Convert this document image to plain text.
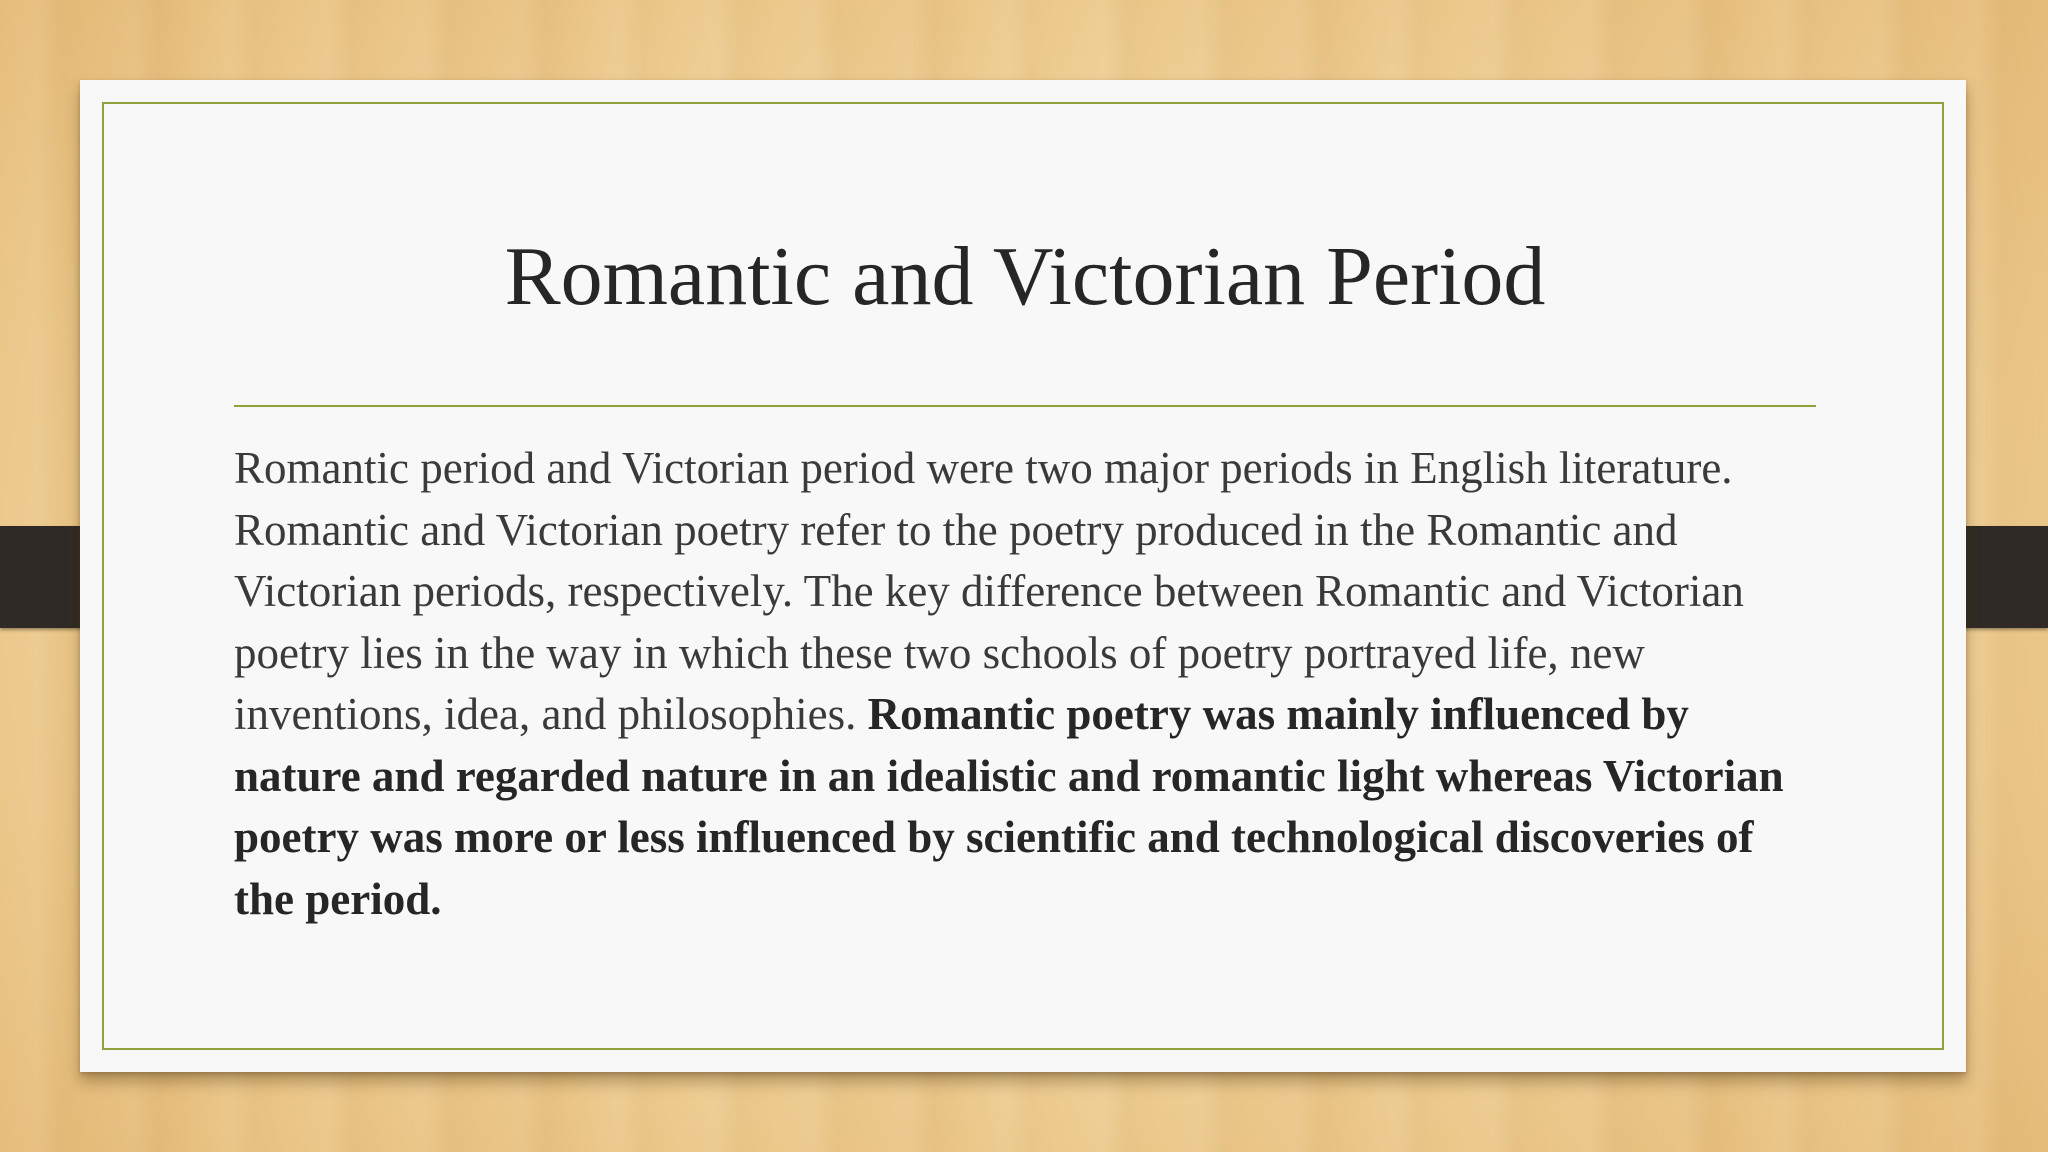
Romantic and Victorian Period

Romantic period and Victorian period were two major periods in English literature. Romantic and Victorian poetry refer to the poetry produced in the Romantic and Victorian periods, respectively. The key difference between Romantic and Victorian poetry lies in the way in which these two schools of poetry portrayed life, new inventions, idea, and philosophies. Romantic poetry was mainly influenced by nature and regarded nature in an idealistic and romantic light whereas Victorian poetry was more or less influenced by scientific and technological discoveries of the period.
